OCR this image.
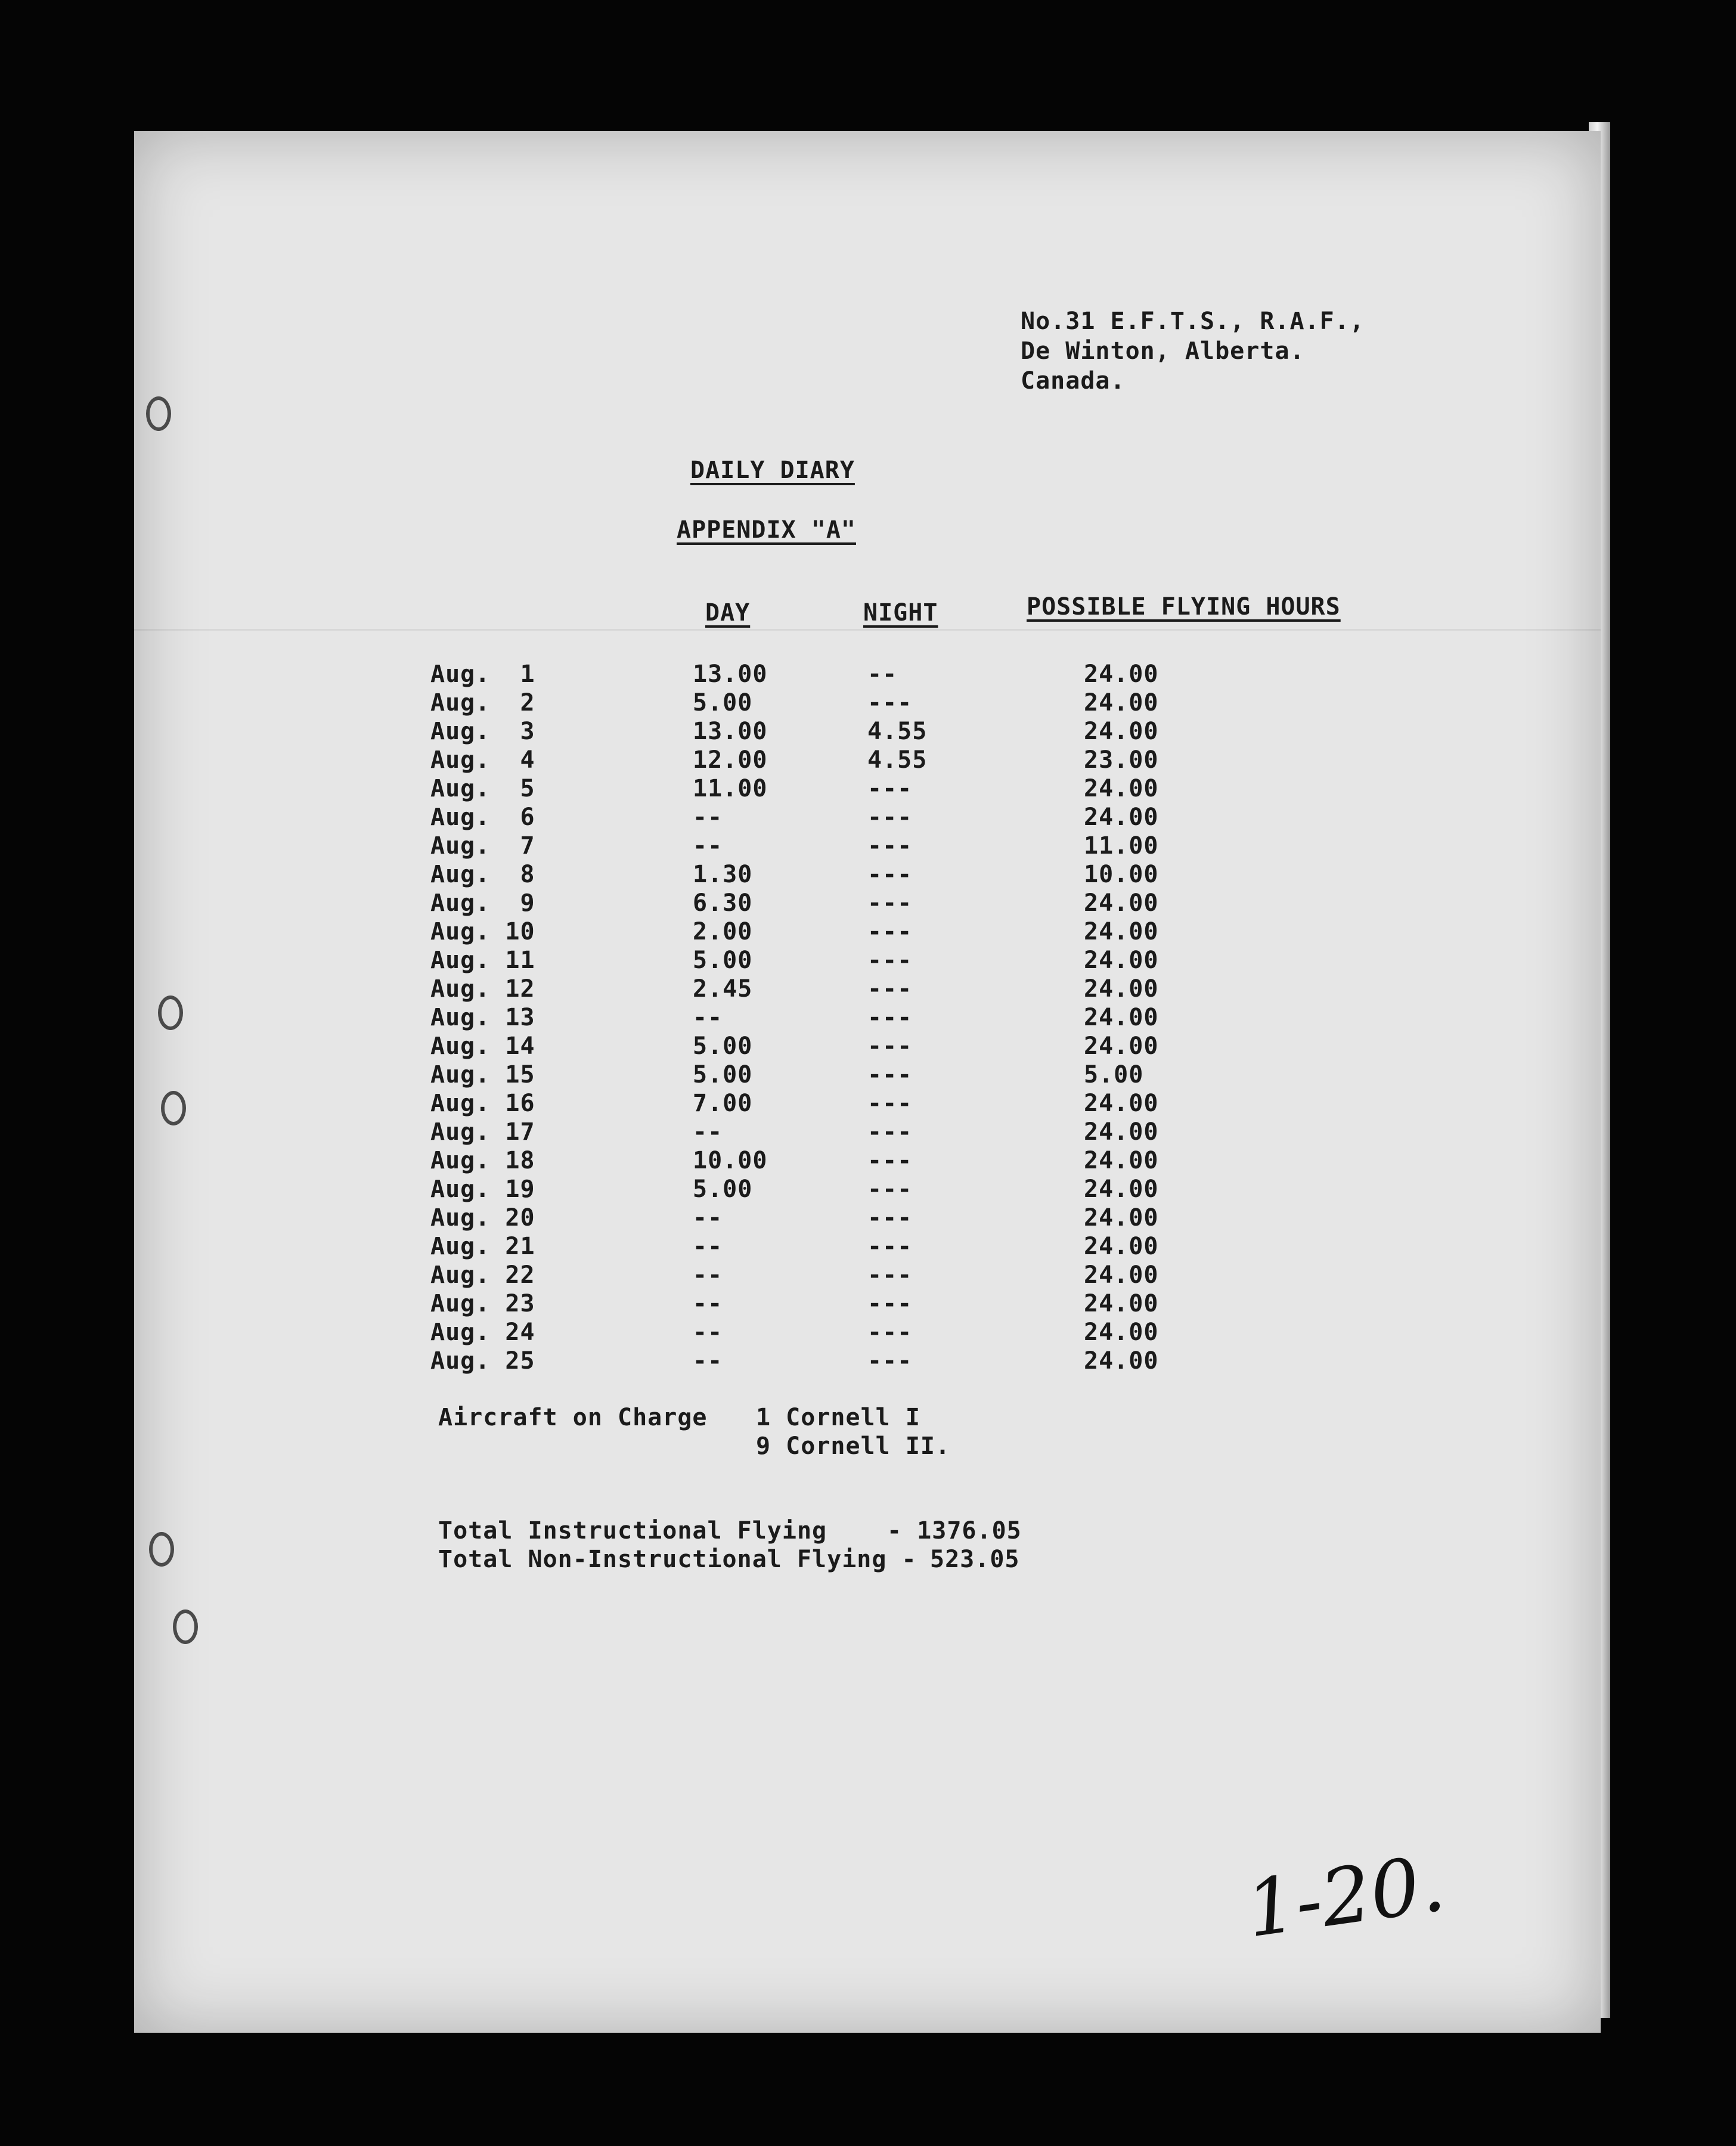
No.31 E.F.T.S., R.A.F.,
De Winton, Alberta.
Canada.
DAILY DIARY
APPENDIX "A"
DAY	NIGHT	POSSIBLE FLYING HOURS
Aug.  1	13.00	--	24.00
Aug.  2	5.00	---	24.00
Aug.  3	13.00	4.55	24.00
Aug.  4	12.00	4.55	23.00
Aug.  5	11.00	---	24.00
Aug.  6	--	---	24.00
Aug.  7	--	---	11.00
Aug.  8	1.30	---	10.00
Aug.  9	6.30	---	24.00
Aug. 10	2.00	---	24.00
Aug. 11	5.00	---	24.00
Aug. 12	2.45	---	24.00
Aug. 13	--	---	24.00
Aug. 14	5.00	---	24.00
Aug. 15	5.00	---	5.00
Aug. 16	7.00	---	24.00
Aug. 17	--	---	24.00
Aug. 18	10.00	---	24.00
Aug. 19	5.00	---	24.00
Aug. 20	--	---	24.00
Aug. 21	--	---	24.00
Aug. 22	--	---	24.00
Aug. 23	--	---	24.00
Aug. 24	--	---	24.00
Aug. 25	--	---	24.00
Aircraft on Charge 1 Cornell I
9 Cornell II.
Total Instructional Flying	- 1376.05
Total Non-Instructional Flying - 523.05
1-20.
